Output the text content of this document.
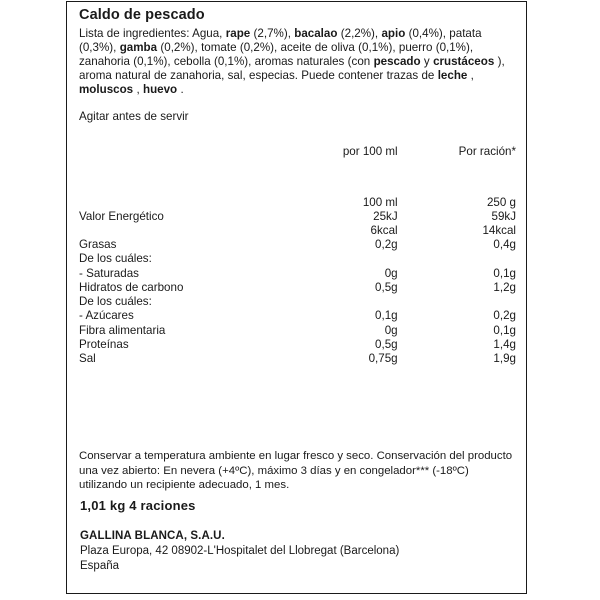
Caldo de pescado

Lista de ingredientes: Agua, rape (2,7%), bacalao (2,2%), apio (0,4%), patata (0,3%), gamba (0,2%), tomate (0,2%), aceite de oliva (0,1%), puerro (0,1%), zanahoria (0,1%), cebolla (0,1%), aromas naturales (con pescado y crustáceos ), aroma natural de zanahoria, sal, especias. Puede contener trazas de leche , moluscos , huevo .

Agitar antes de servir

	por 100 ml	Por ración*

	100 ml	250 g
Valor Energético	25kJ	59kJ
	6kcal	14kcal
Grasas	0,2g	0,4g
De los cuáles:		
- Saturadas	0g	0,1g
Hidratos de carbono	0,5g	1,2g
De los cuáles:		
- Azúcares	0,1g	0,2g
Fibra alimentaria	0g	0,1g
Proteínas	0,5g	1,4g
Sal	0,75g	1,9g

Conservar a temperatura ambiente en lugar fresco y seco. Conservación del producto una vez abierto: En nevera (+4ºC), máximo 3 días y en congelador*** (-18ºC) utilizando un recipiente adecuado, 1 mes.

1,01 kg 4 raciones
GALLINA BLANCA, S.A.U.
Plaza Europa, 42 08902-L'Hospitalet del Llobregat (Barcelona)
España
